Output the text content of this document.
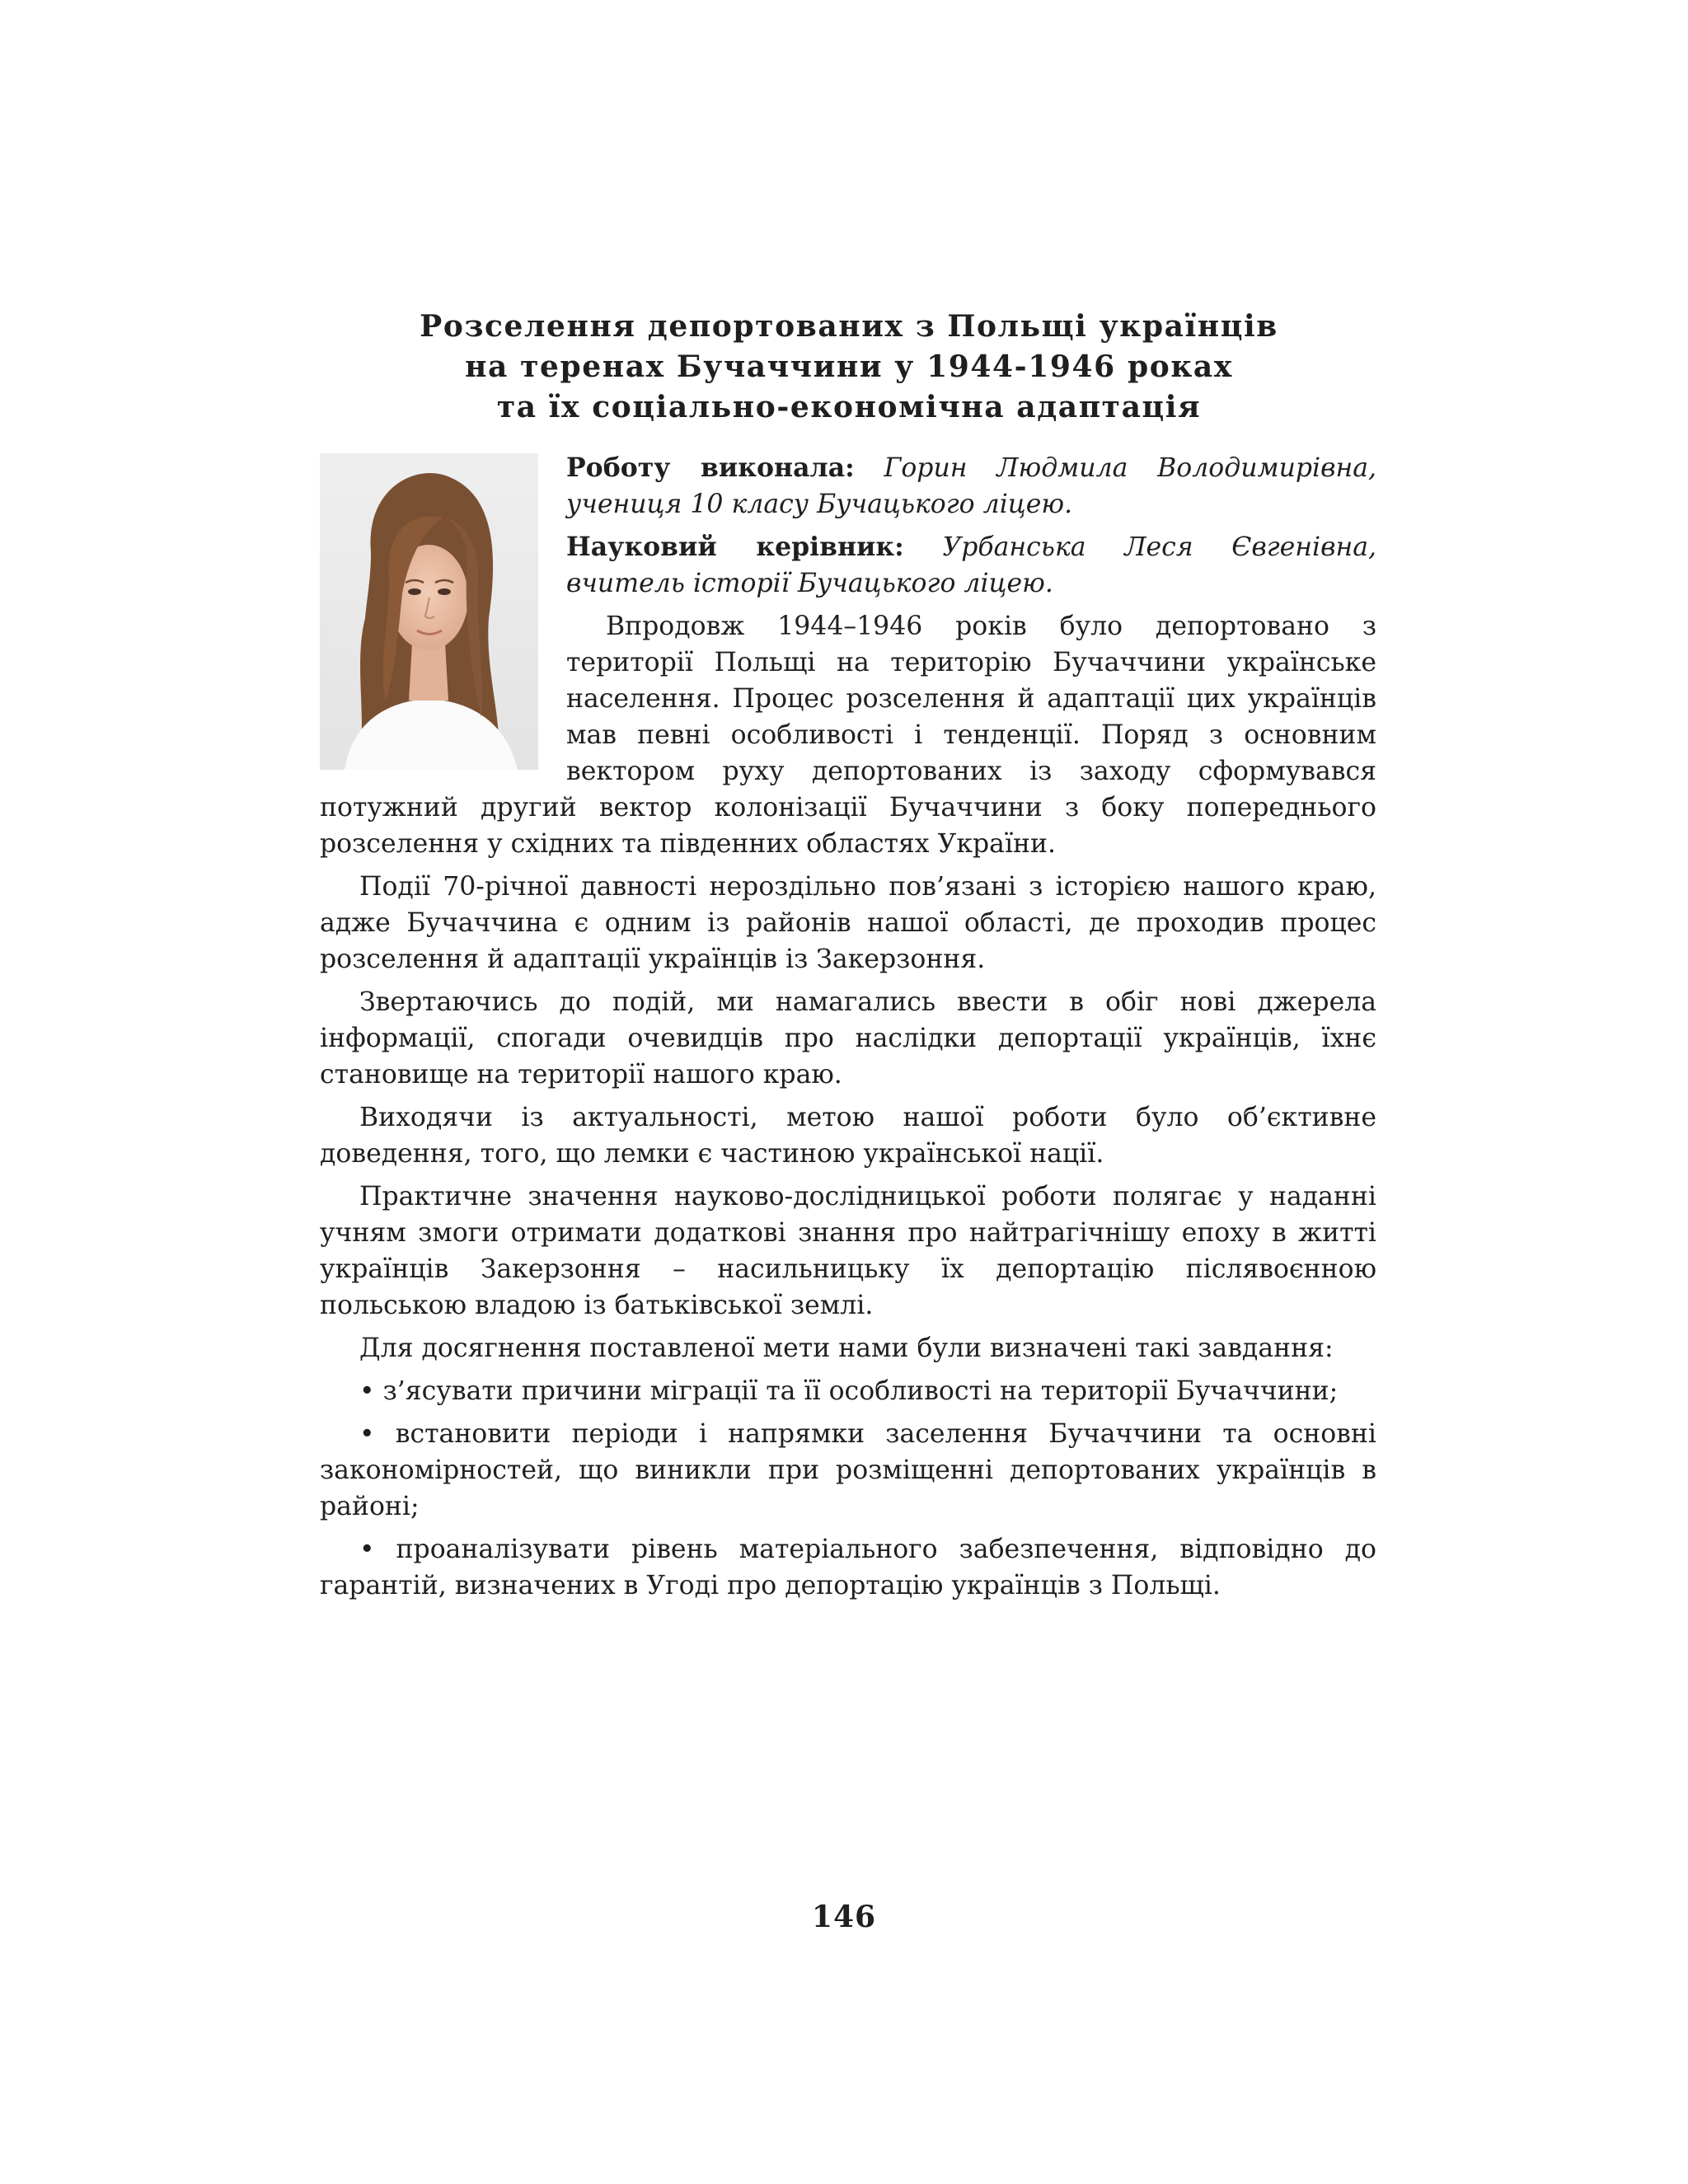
Розселення депортованих з Польщі українців
на теренах Бучаччини у 1944-1946 роках
та їх соціально-економічна адаптація

Роботу виконала: Горин Людмила Володимирівна, учениця 10 класу Бучацького ліцею.

Науковий керівник: Урбанська Леся Євгенівна, вчитель історії Бучацького ліцею.

Впродовж 1944–1946 років було депортовано з території Польщі на територію Бучаччини українське населення. Процес розселення й адаптації цих українців мав певні особливості і тенденції. Поряд з основним вектором руху депортованих із заходу сформувався потужний другий вектор колонізації Бучаччини з боку попереднього розселення у східних та південних областях України.

Події 70-річної давності нероздільно пов’язані з історією нашого краю, адже Бучаччина є одним із районів нашої області, де проходив процес розселення й адаптації українців із Закерзоння.

Звертаючись до подій, ми намагались ввести в обіг нові джерела інформації, спогади очевидців про наслідки депортації українців, їхнє становище на території нашого краю.

Виходячи із актуальності, метою нашої роботи було об’єктивне доведення, того, що лемки є частиною української нації.

Практичне значення науково-дослідницької роботи полягає у наданні учням змоги отримати додаткові знання про найтрагічнішу епоху в житті українців Закерзоння – насильницьку їх депортацію післявоєнною польською владою із батьківської землі.

Для досягнення поставленої мети нами були визначені такі завдання:

• з’ясувати причини міграції та її особливості на території Бучаччини;

• встановити періоди і напрямки заселення Бучаччини та основні закономірностей, що виникли при розміщенні депортованих українців в районі;

• проаналізувати рівень матеріального забезпечення, відповідно до гарантій, визначених в Угоді про депортацію українців з Польщі.

146
